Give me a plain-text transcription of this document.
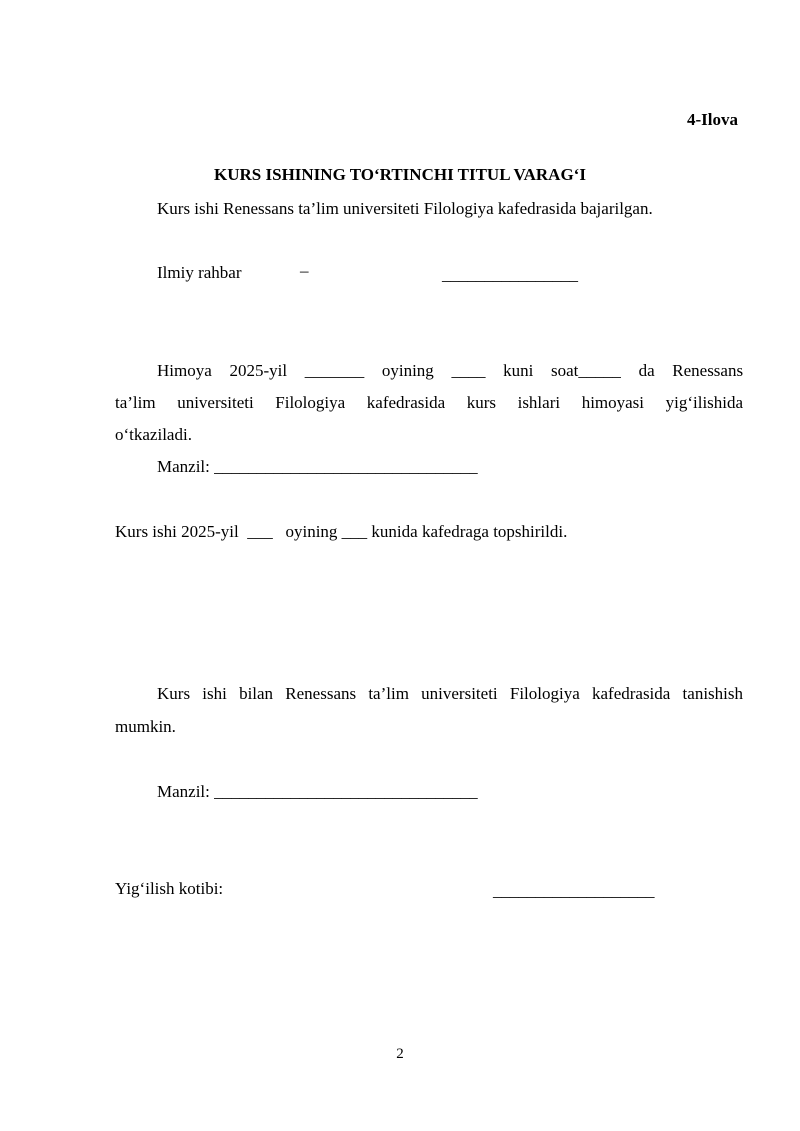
4-Ilova
KURS ISHINING TO‘RTINCHI TITUL VARAG‘I
Kurs ishi Renessans ta’lim universiteti Filologiya kafedrasida bajarilgan.
Ilmiy rahbar	–	________________
Himoya 2025-yil _______ oyining ____ kuni soat_____ da Renessans
ta’lim universiteti Filologiya kafedrasida kurs ishlari himoyasi yig‘ilishida
o‘tkaziladi.
Manzil: _______________________________
Kurs ishi 2025-yil  ___   oyining ___ kunida kafedraga topshirildi.
Kurs ishi bilan Renessans ta’lim universiteti Filologiya kafedrasida tanishish
mumkin.
Manzil: _______________________________
Yig‘ilish kotibi:	___________________
2
